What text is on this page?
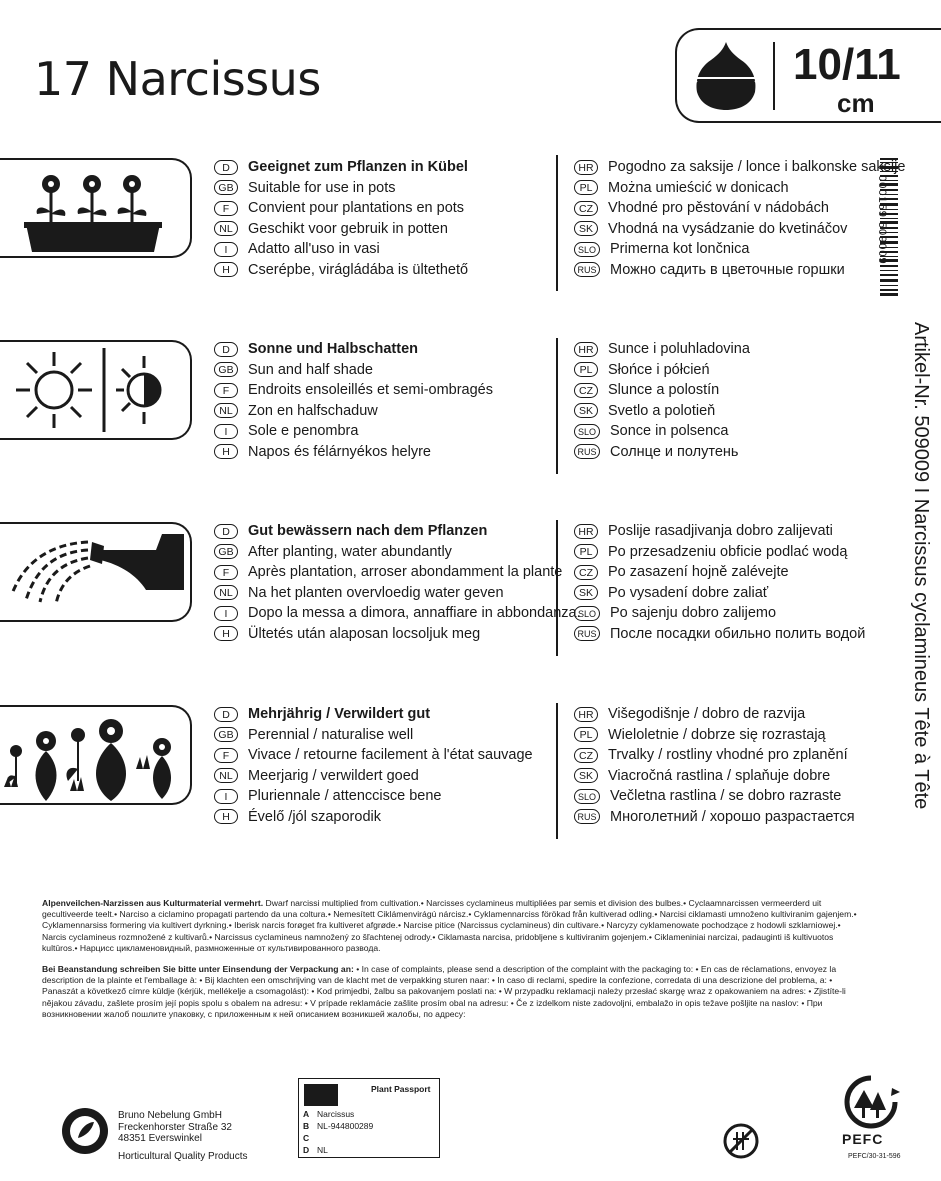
17 Narcissus	10/11
cm
4 000159 509009
Artikel-Nr. 509009 I Narcissus cyclamineus Tête à Tête
D	Geeignet zum Pflanzen in Kübel
GB Suitable for use in pots
F	Convient pour plantations en pots
NL	Geschikt voor gebruik in potten
I	Adatto all'uso in vasi
H	Cserépbe, virágládába is ültethető
HR Pogodno za saksije / lonce i balkonske saksije
PL	Można umieścić w donicach
CZ	Vhodné pro pěstování v nádobách
SK	Vhodná na vysádzanie do kvetináčov
SLO Primerna kot lončnica
RUS Можно садить в цветочные горшки
D	Sonne und Halbschatten
GB Sun and half shade
F	Endroits ensoleillés et semi-ombragés
NL	Zon en halfschaduw
I	Sole e penombra
H	Napos és félárnyékos helyre
HR Sunce i poluhladovina
PL	Słońce i półcień
CZ	Slunce a polostín
SK	Svetlo a polotieň
SLO Sonce in polsenca
RUS Солнце и полутень
D	Gut bewässern nach dem Pflanzen
GB After planting, water abundantly
F	Après plantation, arroser abondamment la plante
NL	Na het planten overvloedig water geven
I	Dopo la messa a dimora, annaffiare in abbondanza.
H	Ültetés után alaposan locsoljuk meg
HR Poslije rasadjivanja dobro zalijevati
PL	Po przesadzeniu obficie podlać wodą
CZ	Po zasazení hojně zalévejte
SK	Po vysadení dobre zaliať
SLO Po sajenju dobro zalijemo
RUS После посадки обильно полить водой
D	Mehrjährig / Verwildert gut
GB Perennial / naturalise well
F	Vivace / retourne facilement à l'état sauvage
NL	Meerjarig / verwildert goed
I	Pluriennale / attenccisce bene
H	Évelő /jól szaporodik
HR Višegodišnje / dobro de razvija
PL	Wieloletnie / dobrze się rozrastają
CZ	Trvalky / rostliny vhodné pro zplanění
SK	Viacročná rastlina / splaňuje dobre
SLO Večletna rastlina / se dobro razraste
RUS Многолетний / хорошо разрастается
Alpenveilchen-Narzissen aus Kulturmaterial vermehrt. Dwarf narcissi multiplied from cultivation.• Narcisses cyclamineus multipliées par semis et division des bulbes.• Cyclaamnarcissen vermeerderd uit gecultiveerde teelt.• Narciso a ciclamino propagati partendo da una coltura.• Nemesített Ciklámenvirágú nárcisz.• Cyklamennarciss förökad från kultiverad odling.• Narcisi ciklamasti umnoženo kultiviranim gajenjem.• Cyklamennarsiss formering via kultivert dyrkning.• Iberisk narcis forøget fra kultiveret afgrøde.• Narcise pitice (Narcissus cyclamineus) din cultivare.• Narcyzy cyklamenowate pochodzące z hodowli szklarniowej.• Narcis cyclamineus rozmnožené z kultivarů.• Narcissus cyclamineus namnožený zo šľachtenej odrody.• Ciklamasta narcisa, pridobljene s kultiviranim gojenjem.• Ciklameniniai narcizai, padauginti iš kultivuotos kultūros.• Нарцисс цикламеновидный, размноженные от культивированного развода.
Bei Beanstandung schreiben Sie bitte unter Einsendung der Verpackung an: • In case of complaints, please send a description of the complaint with the packaging to: • En cas de réclamations, envoyez la description de la plainte et l'emballage à: • Bij klachten een omschrijving van de klacht met de verpakking sturen naar: • In caso di reclami, spedire la confezione, corredata di una descrizione del problema, a: • Panaszát a következő címre küldje (kérjük, mellékelje a csomagolást): • Kod primjedbi, žalbu sa pakovanjem poslati na: • W przypadku reklamacji należy przesłać skargę wraz z opakowaniem na adres: • Zjistíte-li nějakou závadu, zašlete prosím její popis spolu s obalem na adresu: • V prípade reklamácie zašlite prosím obal na adresu: • Če z izdelkom niste zadovoljni, embalažo in opis težave pošljite na naslov: • При возникновении жалоб пошлите упаковку, с приложенным к ней описанием возникшей жалобы, по адресу:
Bruno Nebelung GmbH
Freckenhorster Straße 32
48351 Everswinkel
Horticultural Quality Products
Plant Passport
A Narcissus
B NL-944800289
C
D NL
PEFC
PEFC/30-31-596
